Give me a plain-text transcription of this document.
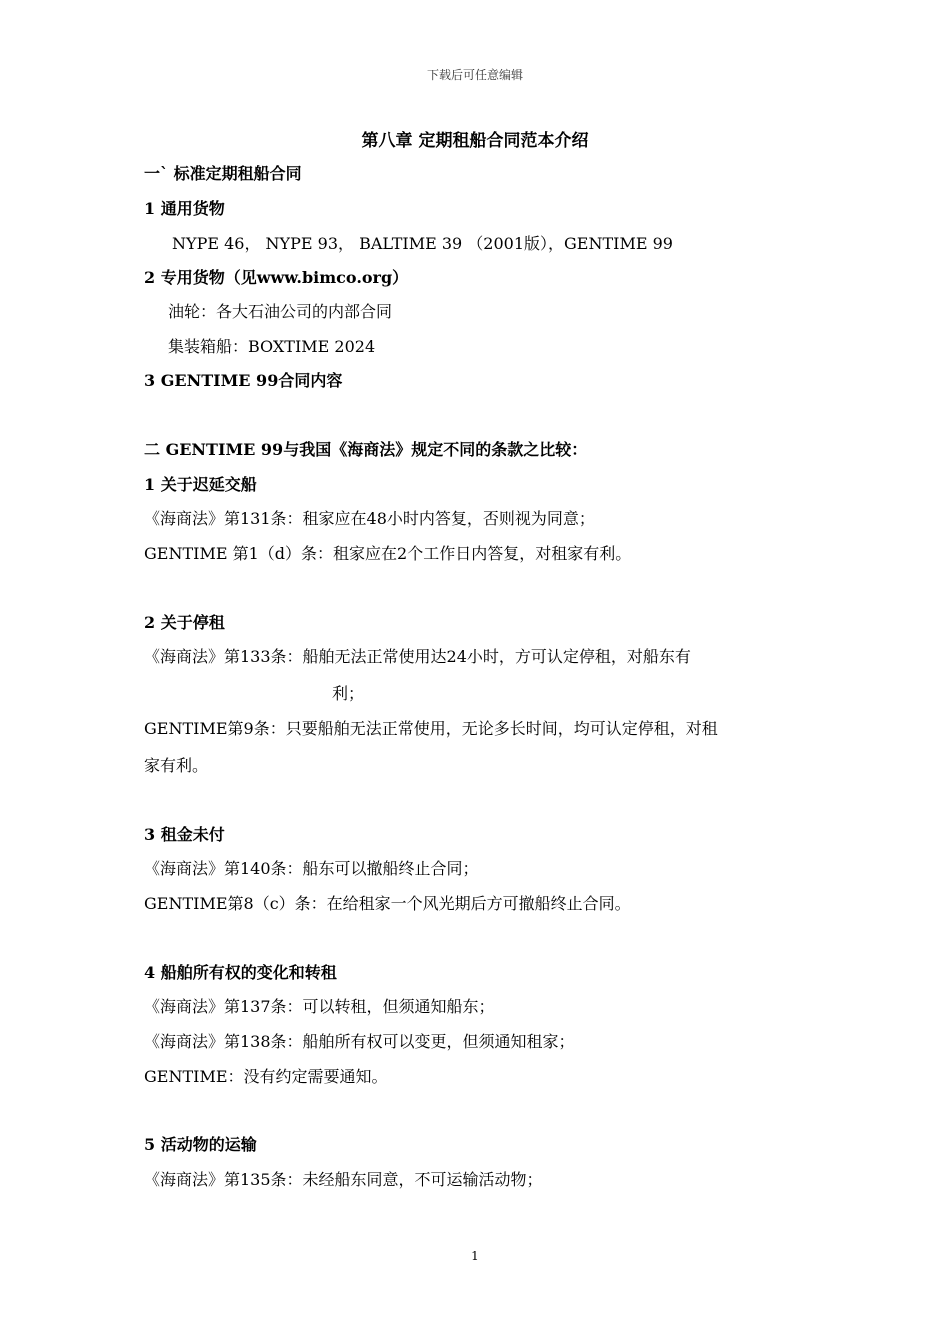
下载后可任意编辑
第八章 定期租船合同范本介绍
一` 标准定期租船合同
1 通用货物
NYPE 46， NYPE 93， BALTIME 39 （2001版），GENTIME 99
2 专用货物（见www.bimco.org）
油轮：各大石油公司的内部合同
集装箱船：BOXTIME 2024
3 GENTIME 99合同内容
二 GENTIME 99与我国《海商法》规定不同的条款之比较：
1 关于迟延交船
《海商法》第131条：租家应在48小时内答复，否则视为同意；
GENTIME 第1（d）条：租家应在2个工作日内答复，对租家有利。
2 关于停租
《海商法》第133条：船舶无法正常使用达24小时，方可认定停租，对船东有
利；
GENTIME第9条：只要船舶无法正常使用，无论多长时间，均可认定停租，对租
家有利。
3 租金未付
《海商法》第140条：船东可以撤船终止合同；
GENTIME第8（c）条：在给租家一个风光期后方可撤船终止合同。
4 船舶所有权的变化和转租
《海商法》第137条：可以转租，但须通知船东；
《海商法》第138条：船舶所有权可以变更，但须通知租家；
GENTIME：没有约定需要通知。
5 活动物的运输
《海商法》第135条：未经船东同意，不可运输活动物；
1
